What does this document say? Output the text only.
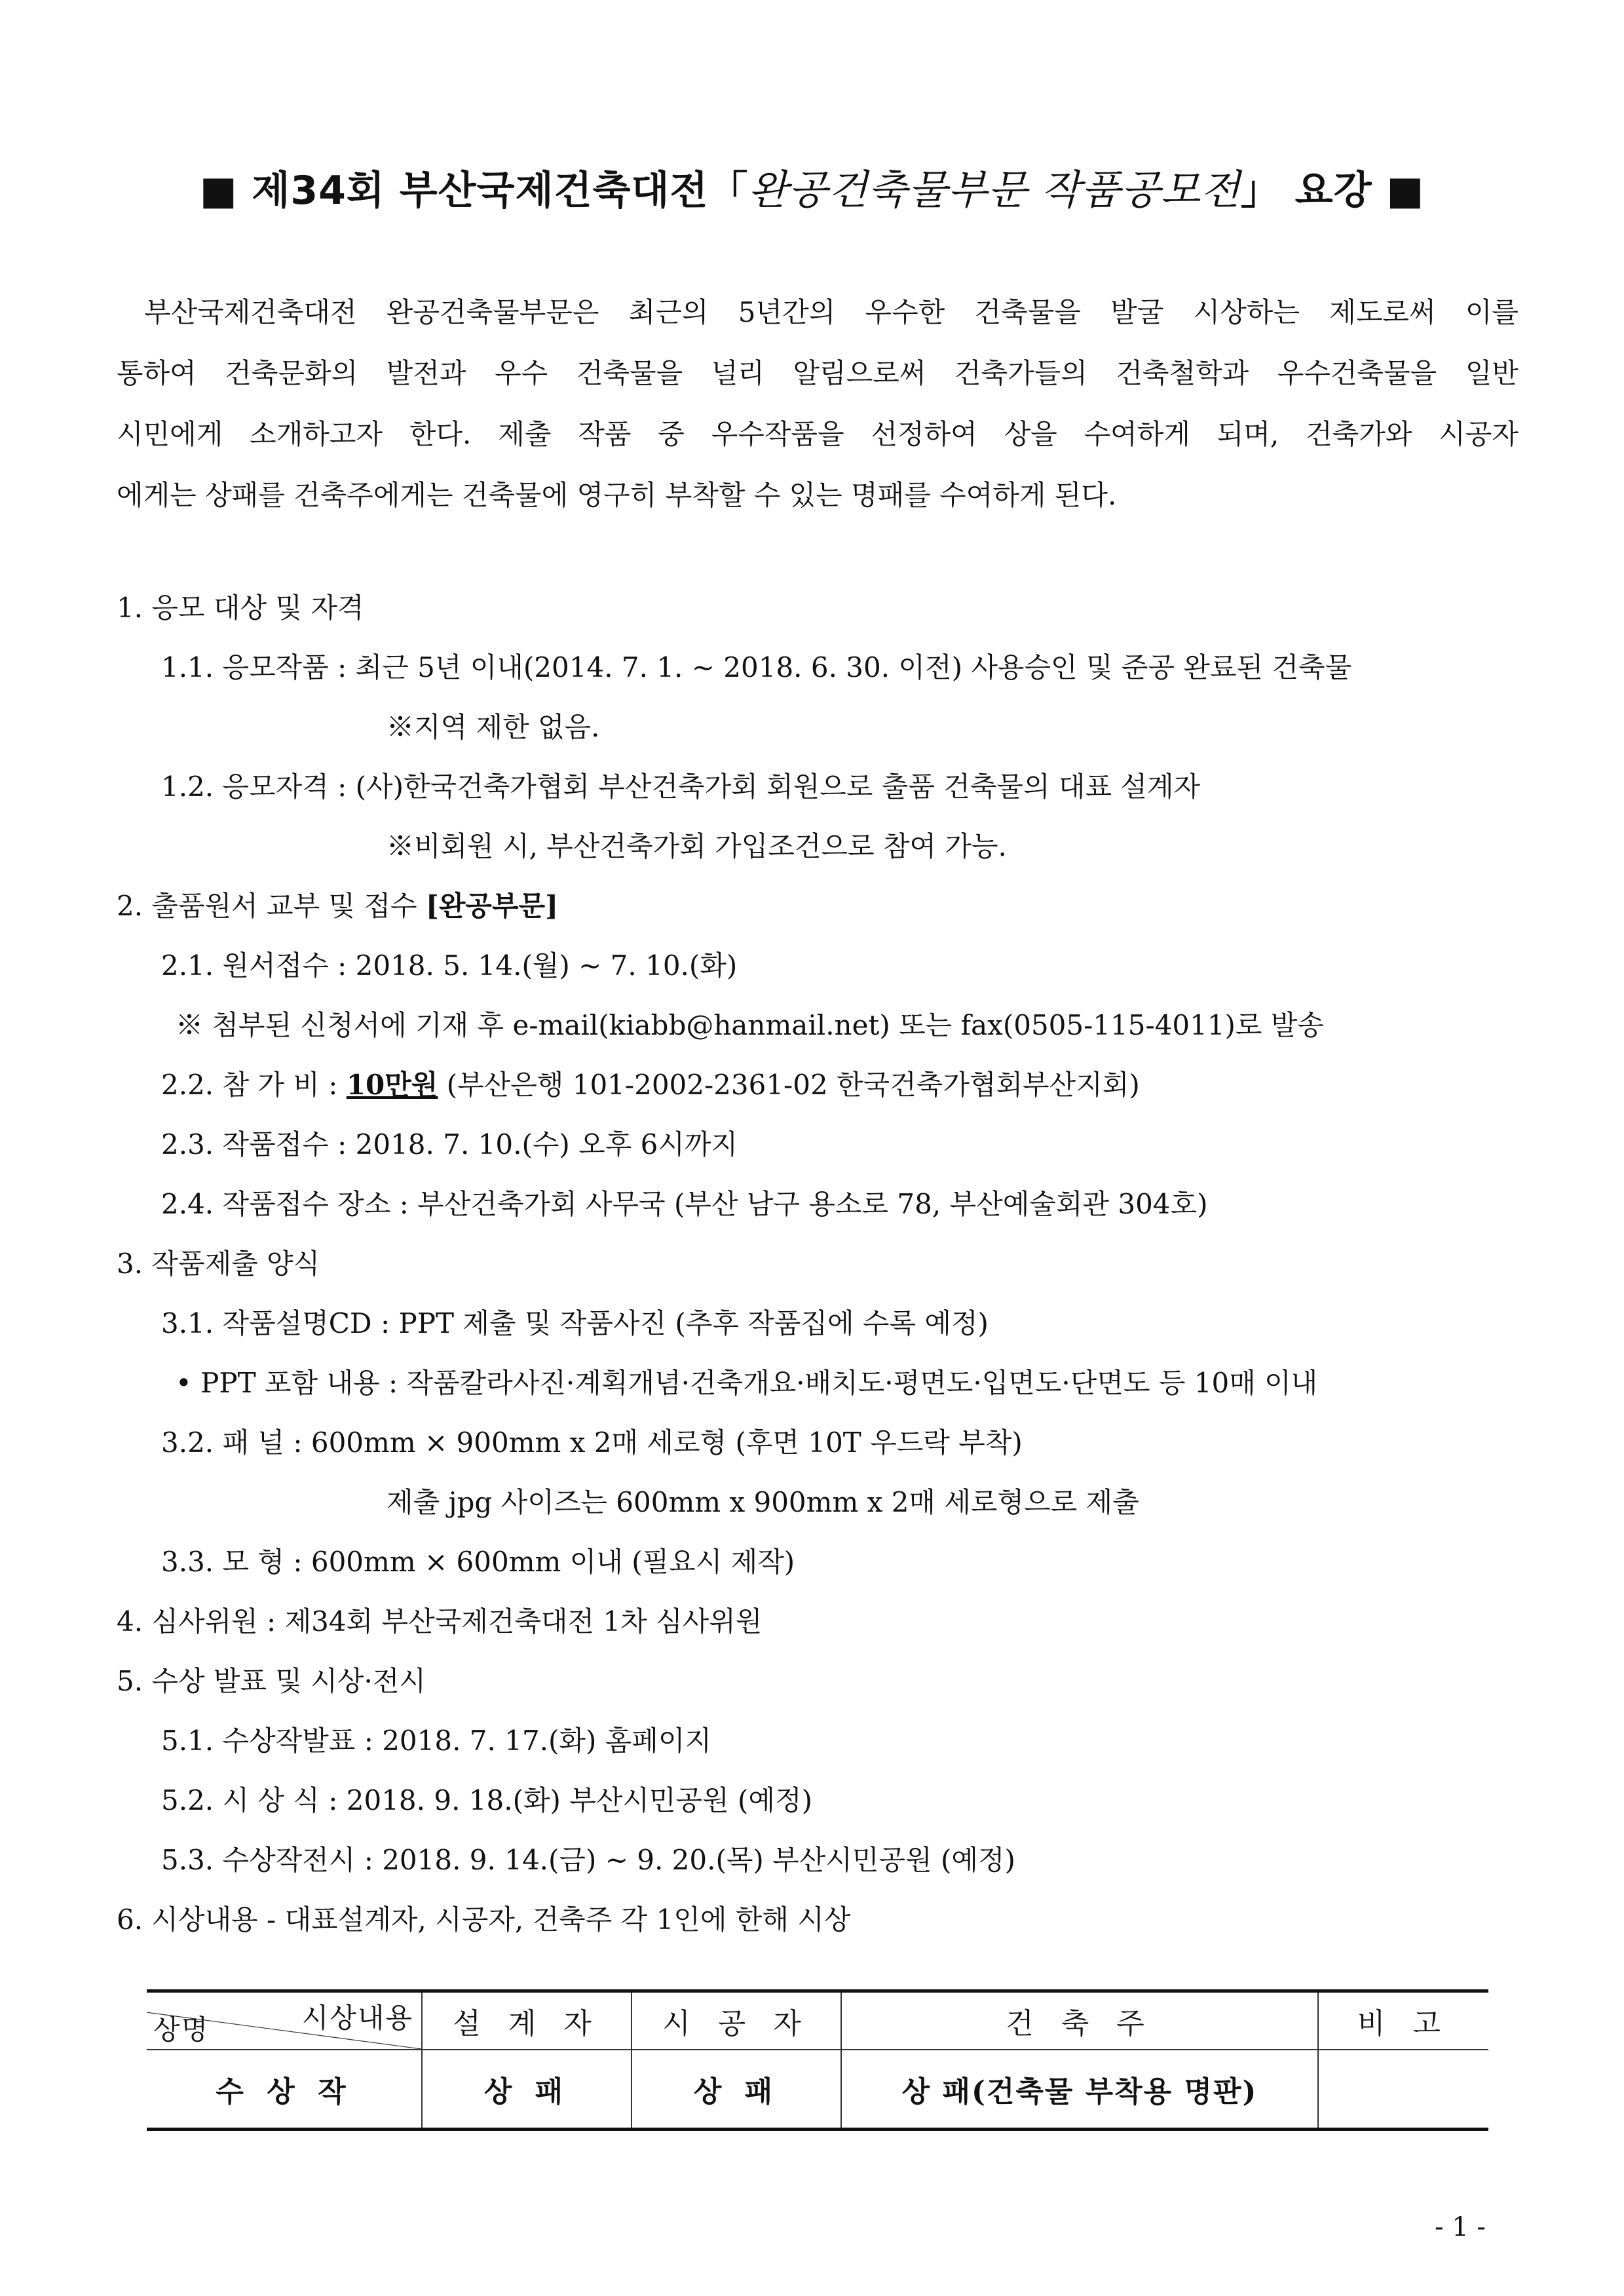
■ 제34회 부산국제건축대전「완공건축물부문 작품공모전」 요강 ■

부산국제건축대전 완공건축물부문은 최근의 5년간의 우수한 건축물을 발굴 시상하는 제도로써 이를

통하여 건축문화의 발전과 우수 건축물을 널리 알림으로써 건축가들의 건축철학과 우수건축물을 일반

시민에게 소개하고자 한다. 제출 작품 중 우수작품을 선정하여 상을 수여하게 되며, 건축가와 시공자

에게는 상패를 건축주에게는 건축물에 영구히 부착할 수 있는 명패를 수여하게 된다.

1. 응모 대상 및 자격
1.1. 응모작품 : 최근 5년 이내(2014. 7. 1. ~ 2018. 6. 30. 이전) 사용승인 및 준공 완료된 건축물
※지역 제한 없음.
1.2. 응모자격 : (사)한국건축가협회 부산건축가회 회원으로 출품 건축물의 대표 설계자
※비회원 시, 부산건축가회 가입조건으로 참여 가능.
2. 출품원서 교부 및 접수 [완공부문]
2.1. 원서접수 : 2018. 5. 14.(월) ~ 7. 10.(화)
※ 첨부된 신청서에 기재 후 e-mail(kiabb@hanmail.net) 또는 fax(0505-115-4011)로 발송
2.2. 참 가 비 : 10만원 (부산은행 101-2002-2361-02 한국건축가협회부산지회)
2.3. 작품접수 : 2018. 7. 10.(수) 오후 6시까지
2.4. 작품접수 장소 : 부산건축가회 사무국 (부산 남구 용소로 78, 부산예술회관 304호)
3. 작품제출 양식
3.1. 작품설명CD : PPT 제출 및 작품사진 (추후 작품집에 수록 예정)
• PPT 포함 내용 : 작품칼라사진·계획개념·건축개요·배치도·평면도·입면도·단면도 등 10매 이내
3.2. 패 널 : 600mm × 900mm x 2매 세로형 (후면 10T 우드락 부착)
제출 jpg 사이즈는 600mm x 900mm x 2매 세로형으로 제출
3.3. 모 형 : 600mm × 600mm 이내 (필요시 제작)
4. 심사위원 : 제34회 부산국제건축대전 1차 심사위원
5. 수상 발표 및 시상·전시
5.1. 수상작발표 : 2018. 7. 17.(화) 홈페이지
5.2. 시 상 식 : 2018. 9. 18.(화) 부산시민공원 (예정)
5.3. 수상작전시 : 2018. 9. 14.(금) ~ 9. 20.(목) 부산시민공원 (예정)
6. 시상내용 - 대표설계자, 시공자, 건축주 각 1인에 한해 시상
시상내용
상명	설 계 자	시 공 자	건 축 주	비 고
수 상 작	상 패	상 패	상 패(건축물 부착용 명판)	
- 1 -
